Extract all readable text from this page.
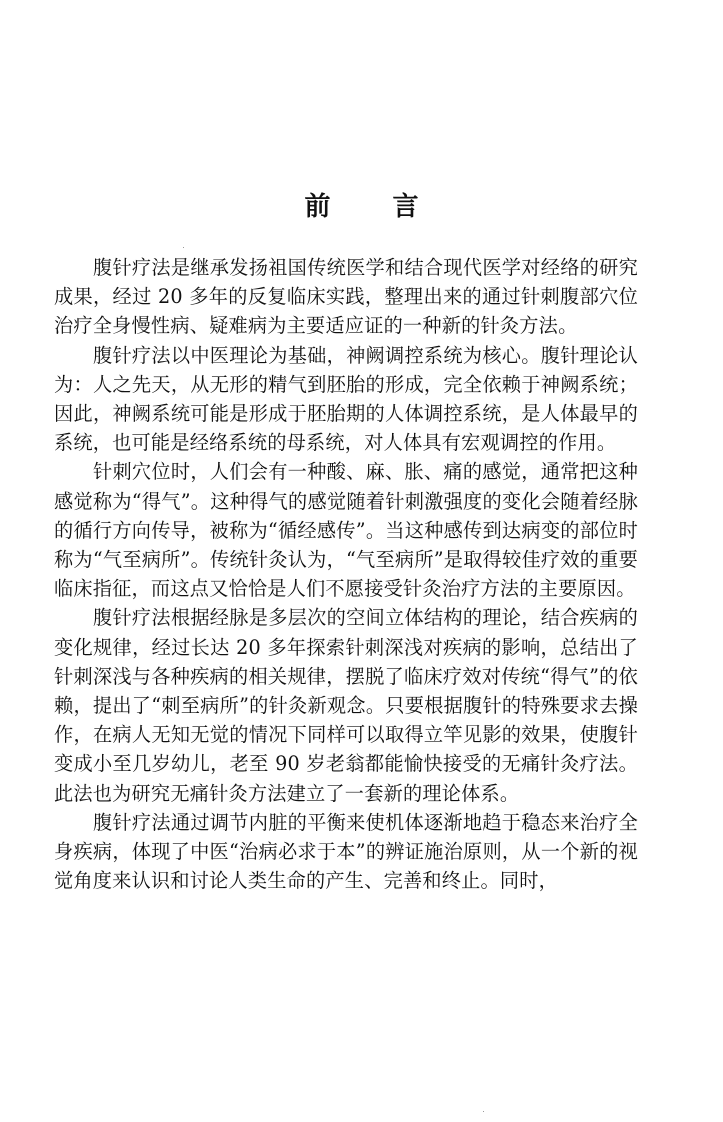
前 言

腹针疗法是继承发扬祖国传统医学和结合现代医学对经络的研究成果，经过 20 多年的反复临床实践，整理出来的通过针刺腹部穴位治疗全身慢性病、疑难病为主要适应证的一种新的针灸方法。

腹针疗法以中医理论为基础，神阙调控系统为核心。腹针理论认为：人之先天，从无形的精气到胚胎的形成，完全依赖于神阙系统；因此，神阙系统可能是形成于胚胎期的人体调控系统，是人体最早的系统，也可能是经络系统的母系统，对人体具有宏观调控的作用。

针刺穴位时，人们会有一种酸、麻、胀、痛的感觉，通常把这种感觉称为“得气”。这种得气的感觉随着针刺激强度的变化会随着经脉的循行方向传导，被称为“循经感传”。当这种感传到达病变的部位时称为“气至病所”。传统针灸认为，“气至病所”是取得较佳疗效的重要临床指征，而这点又恰恰是人们不愿接受针灸治疗方法的主要原因。

腹针疗法根据经脉是多层次的空间立体结构的理论，结合疾病的变化规律，经过长达 20 多年探索针刺深浅对疾病的影响，总结出了针刺深浅与各种疾病的相关规律，摆脱了临床疗效对传统“得气”的依赖，提出了“刺至病所”的针灸新观念。只要根据腹针的特殊要求去操作，在病人无知无觉的情况下同样可以取得立竿见影的效果，使腹针变成小至几岁幼儿，老至 90 岁老翁都能愉快接受的无痛针灸疗法。此法也为研究无痛针灸方法建立了一套新的理论体系。

腹针疗法通过调节内脏的平衡来使机体逐渐地趋于稳态来治疗全身疾病，体现了中医“治病必求于本”的辨证施治原则，从一个新的视觉角度来认识和讨论人类生命的产生、完善和终止。同时，
